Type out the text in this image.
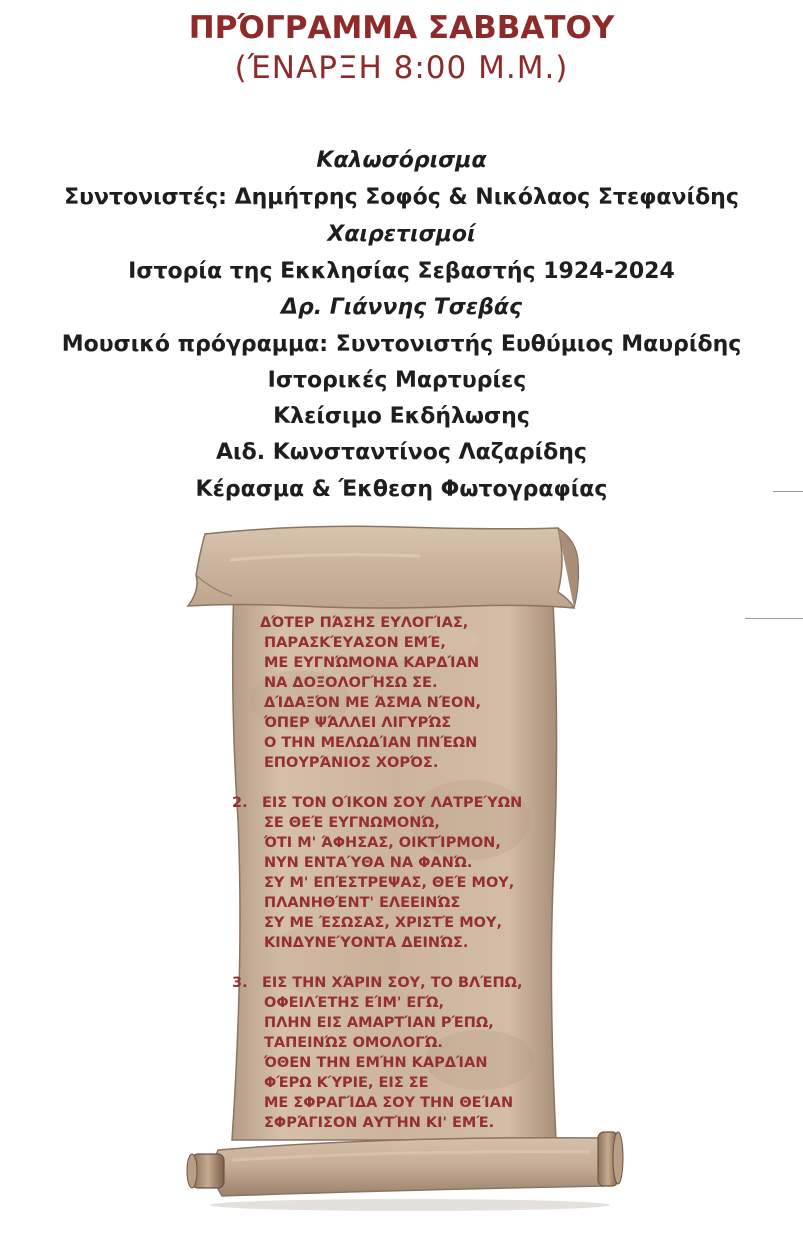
ΠΡΌΓΡΑΜΜΑ ΣΑΒΒΑΤΟΥ
(ΈΝΑΡΞΗ 8:00 Μ.Μ.)
Καλωσόρισμα
Συντονιστές: Δημήτρης Σοφός & Νικόλαος Στεφανίδης
Χαιρετισμοί
Ιστορία της Εκκλησίας Σεβαστής 1924-2024
Δρ. Γιάννης Τσεβάς
Μουσικό πρόγραμμα: Συντονιστής Ευθύμιος Μαυρίδης
Ιστορικές Μαρτυρίες
Κλείσιμο Εκδήλωσης
Αιδ. Κωνσταντίνος Λαζαρίδης
Κέρασμα & Έκθεση Φωτογραφίας
ΔΌΤΕΡ ΠΆΣΗΣ ΕΥΛΟΓΊΑΣ,
ΠΑΡΑΣΚΈΥΑΣΟΝ ΕΜΈ,
ΜΕ ΕΥΓΝΏΜΟΝΑ ΚΑΡΔΊΑΝ
ΝΑ ΔΟΞΟΛΟΓΉΣΩ ΣΕ.
ΔΊΔΑΞΌΝ ΜΕ ΆΣΜΑ ΝΈΟΝ,
ΌΠΕΡ ΨΆΛΛΕΙ ΛΙΓΥΡΏΣ
Ο ΤΗΝ ΜΕΛΩΔΊΑΝ ΠΝΈΩΝ
ΕΠΟΥΡΆΝΙΟΣ ΧΟΡΌΣ.
2. ΕΙΣ ΤΟΝ ΟΊΚΟΝ ΣΟΥ ΛΑΤΡΕΎΩΝ
ΣΕ ΘΕΈ ΕΥΓΝΩΜΟΝΏ,
ΌΤΙ Μ' ΆΦΗΣΑΣ, ΟΙΚΤΊΡΜΟΝ,
ΝΥΝ ΕΝΤΑΎΘΑ ΝΑ ΦΑΝΏ.
ΣΥ Μ' ΕΠΈΣΤΡΕΨΑΣ, ΘΕΈ ΜΟΥ,
ΠΛΑΝΗΘΈΝΤ' ΕΛΕΕΙΝΏΣ
ΣΥ ΜΕ ΈΣΩΣΑΣ, ΧΡΙΣΤΈ ΜΟΥ,
ΚΙΝΔΥΝΕΎΟΝΤΑ ΔΕΙΝΏΣ.
3. ΕΙΣ ΤΗΝ ΧΆΡΙΝ ΣΟΥ, ΤΟ ΒΛΈΠΩ,
ΟΦΕΙΛΈΤΗΣ ΕΊΜ' ΕΓΏ,
ΠΛΗΝ ΕΙΣ ΑΜΑΡΤΊΑΝ ΡΈΠΩ,
ΤΑΠΕΙΝΏΣ ΟΜΟΛΟΓΏ.
ΌΘΕΝ ΤΗΝ ΕΜΉΝ ΚΑΡΔΊΑΝ
ΦΈΡΩ ΚΎΡΙΕ, ΕΙΣ ΣΕ
ΜΕ ΣΦΡΑΓΊΔΑ ΣΟΥ ΤΗΝ ΘΕΊΑΝ
ΣΦΡΆΓΙΣΟΝ ΑΥΤΉΝ ΚΙ' ΕΜΈ.
